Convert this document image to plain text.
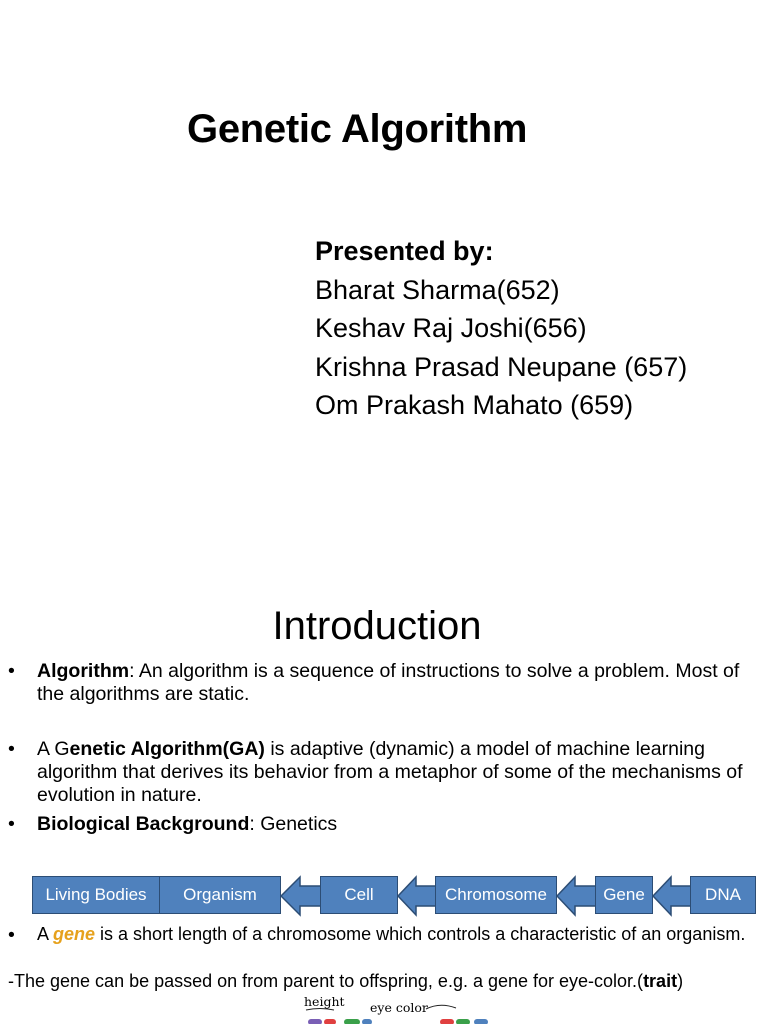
Genetic Algorithm
Presented by:
Bharat Sharma(652)
Keshav Raj Joshi(656)
Krishna Prasad Neupane (657)
Om Prakash Mahato (659)
Introduction
• Algorithm: An algorithm is a sequence of instructions to solve a problem. Most of the algorithms are static.
• A Genetic Algorithm(GA) is adaptive (dynamic) a model of machine learning algorithm that derives its behavior from a metaphor of some of the mechanisms of evolution in nature.
• Biological Background: Genetics
Living Bodies	Organism	Cell	Chromosome	Gene	DNA
• A gene is a short length of a chromosome which controls a characteristic of an organism.
-The gene can be passed on from parent to offspring, e.g. a gene for eye-color.(trait)
height eye color
